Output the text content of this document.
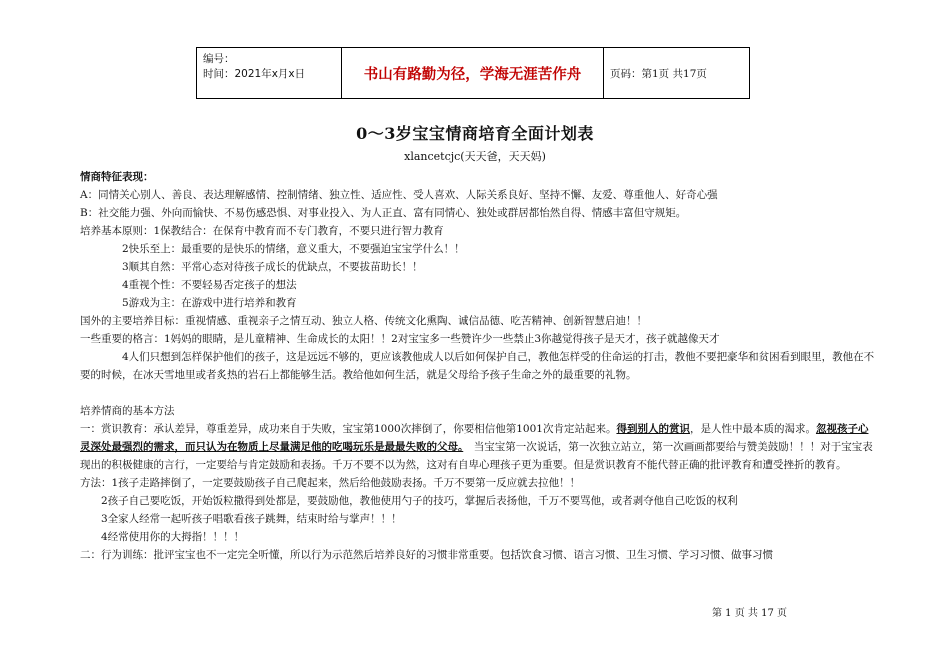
编号：
时间：2021年x月x日	书山有路勤为径，学海无涯苦作舟	页码：第1页 共17页
0～3岁宝宝情商培育全面计划表
xlancetcjc(天天爸，天天妈)

情商特征表现：

A：同情关心别人、善良、表达理解感情、控制情绪、独立性、适应性、受人喜欢、人际关系良好、坚持不懈、友爱、尊重他人、好奇心强

B：社交能力强、外向而愉快、不易伤感恐惧、对事业投入、为人正直、富有同情心、独处或群居都怡然自得、情感丰富但守规矩。

培养基本原则：1保教结合：在保育中教育而不专门教育，不要只进行智力教育

2快乐至上：最重要的是快乐的情绪，意义重大，不要强迫宝宝学什么！！

3顺其自然：平常心态对待孩子成长的优缺点，不要拔苗助长！！

4重视个性：不要轻易否定孩子的想法

5游戏为主：在游戏中进行培养和教育

国外的主要培养目标：重视情感、重视亲子之情互动、独立人格、传统文化熏陶、诚信品德、吃苦精神、创新智慧启迪！！

一些重要的格言：1妈妈的眼睛，是儿童精神、生命成长的太阳！！2对宝宝多一些赞许少一些禁止3你越觉得孩子是天才，孩子就越像天才

4人们只想到怎样保护他们的孩子，这是远远不够的，更应该教他成人以后如何保护自己，教他怎样受的住命运的打击，教他不要把豪华和贫困看到眼里，教他在不要的时候，在冰天雪地里或者炙热的岩石上都能够生活。教给他如何生活，就是父母给予孩子生命之外的最重要的礼物。

培养情商的基本方法

一：赏识教育：承认差异，尊重差异，成功来自于失败，宝宝第1000次摔倒了，你要相信他第1001次肯定站起来。得到别人的赏识，是人性中最本质的渴求。忽视孩子心灵深处最强烈的需求，而只认为在物质上尽量满足他的吃喝玩乐是最最失败的父母。　当宝宝第一次说话，第一次独立站立，第一次画画都要给与赞美鼓励！！！对于宝宝表现出的积极健康的言行，一定要给与肯定鼓励和表扬。千万不要不以为然，这对有自卑心理孩子更为重要。但是赏识教育不能代替正确的批评教育和遭受挫折的教育。

方法：1孩子走路摔倒了，一定要鼓励孩子自己爬起来，然后给他鼓励表扬。千万不要第一反应就去拉他！！

2孩子自己要吃饭，开始饭粒撒得到处都是，要鼓励他，教他使用勺子的技巧，掌握后表扬他，千万不要骂他，或者剥夺他自己吃饭的权利

3全家人经常一起听孩子唱歌看孩子跳舞，结束时给与掌声！！！

4经常使用你的大拇指！！！！

二：行为训练：批评宝宝也不一定完全听懂，所以行为示范然后培养良好的习惯非常重要。包括饮食习惯、语言习惯、卫生习惯、学习习惯、做事习惯

第 1 页 共 17 页
